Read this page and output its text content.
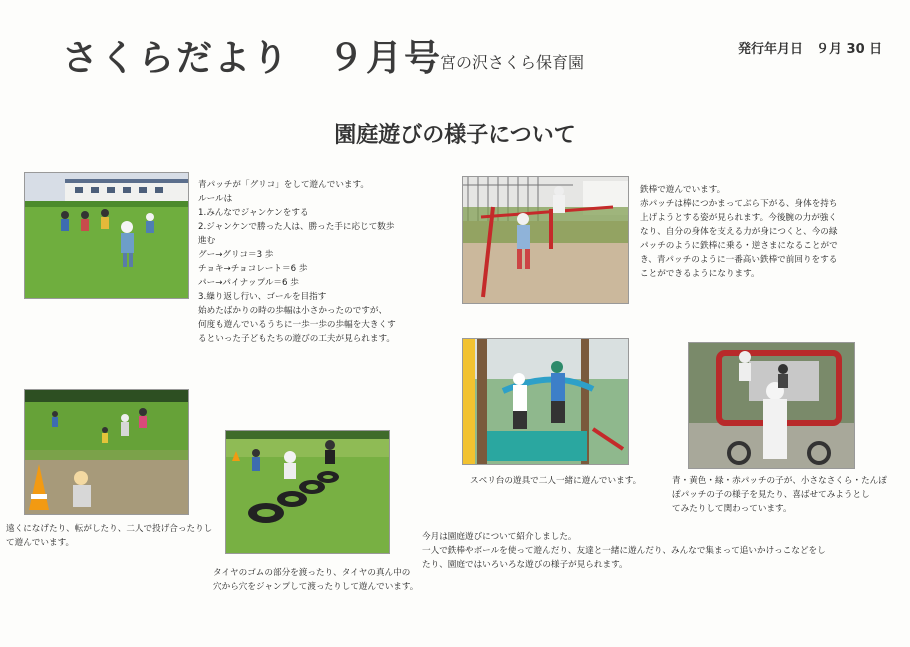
さくらだより　９月号
宮の沢さくら保育園
発行年月日　９月 30 日
園庭遊びの様子について
青パッチが「グリコ」をして遊んでいます。
ルールは
1.みんなでジャンケンをする
2.ジャンケンで勝った人は、勝った手に応じて数歩
進む
グー→グリコ＝3 歩
チョキ→チョコレート＝6 歩
パー→パイナップル＝6 歩
3.繰り返し行い、ゴールを目指す
始めたばかりの時の歩幅は小さかったのですが、
何度も遊んでいるうちに一歩一歩の歩幅を大きくす
るといった子どもたちの遊びの工夫が見られます。
鉄棒で遊んでいます。
赤パッチは棒につかまってぶら下がる、身体を持ち
上げようとする姿が見られます。今後腕の力が強く
なり、自分の身体を支える力が身につくと、今の緑
パッチのように鉄棒に乗る・逆さまになることがで
き、青パッチのように一番高い鉄棒で前回りをする
ことができるようになります。
遠くになげたり、転がしたり、二人で投げ合ったりし
て遊んでいます。
タイヤのゴムの部分を渡ったり、タイヤの真ん中の
穴から穴をジャンプして渡ったりして遊んでいます。
スベリ台の遊具で二人一緒に遊んでいます。	青・黄色・緑・赤パッチの子が、小さなさくら・たんぽ
ぽパッチの子の様子を見たり、喜ばせてみようとし
てみたりして関わっています。
今月は園庭遊びについて紹介しました。
一人で鉄棒やボールを使って遊んだり、友達と一緒に遊んだり、みんなで集まって追いかけっこなどをし
たり、園庭ではいろいろな遊びの様子が見られます。
